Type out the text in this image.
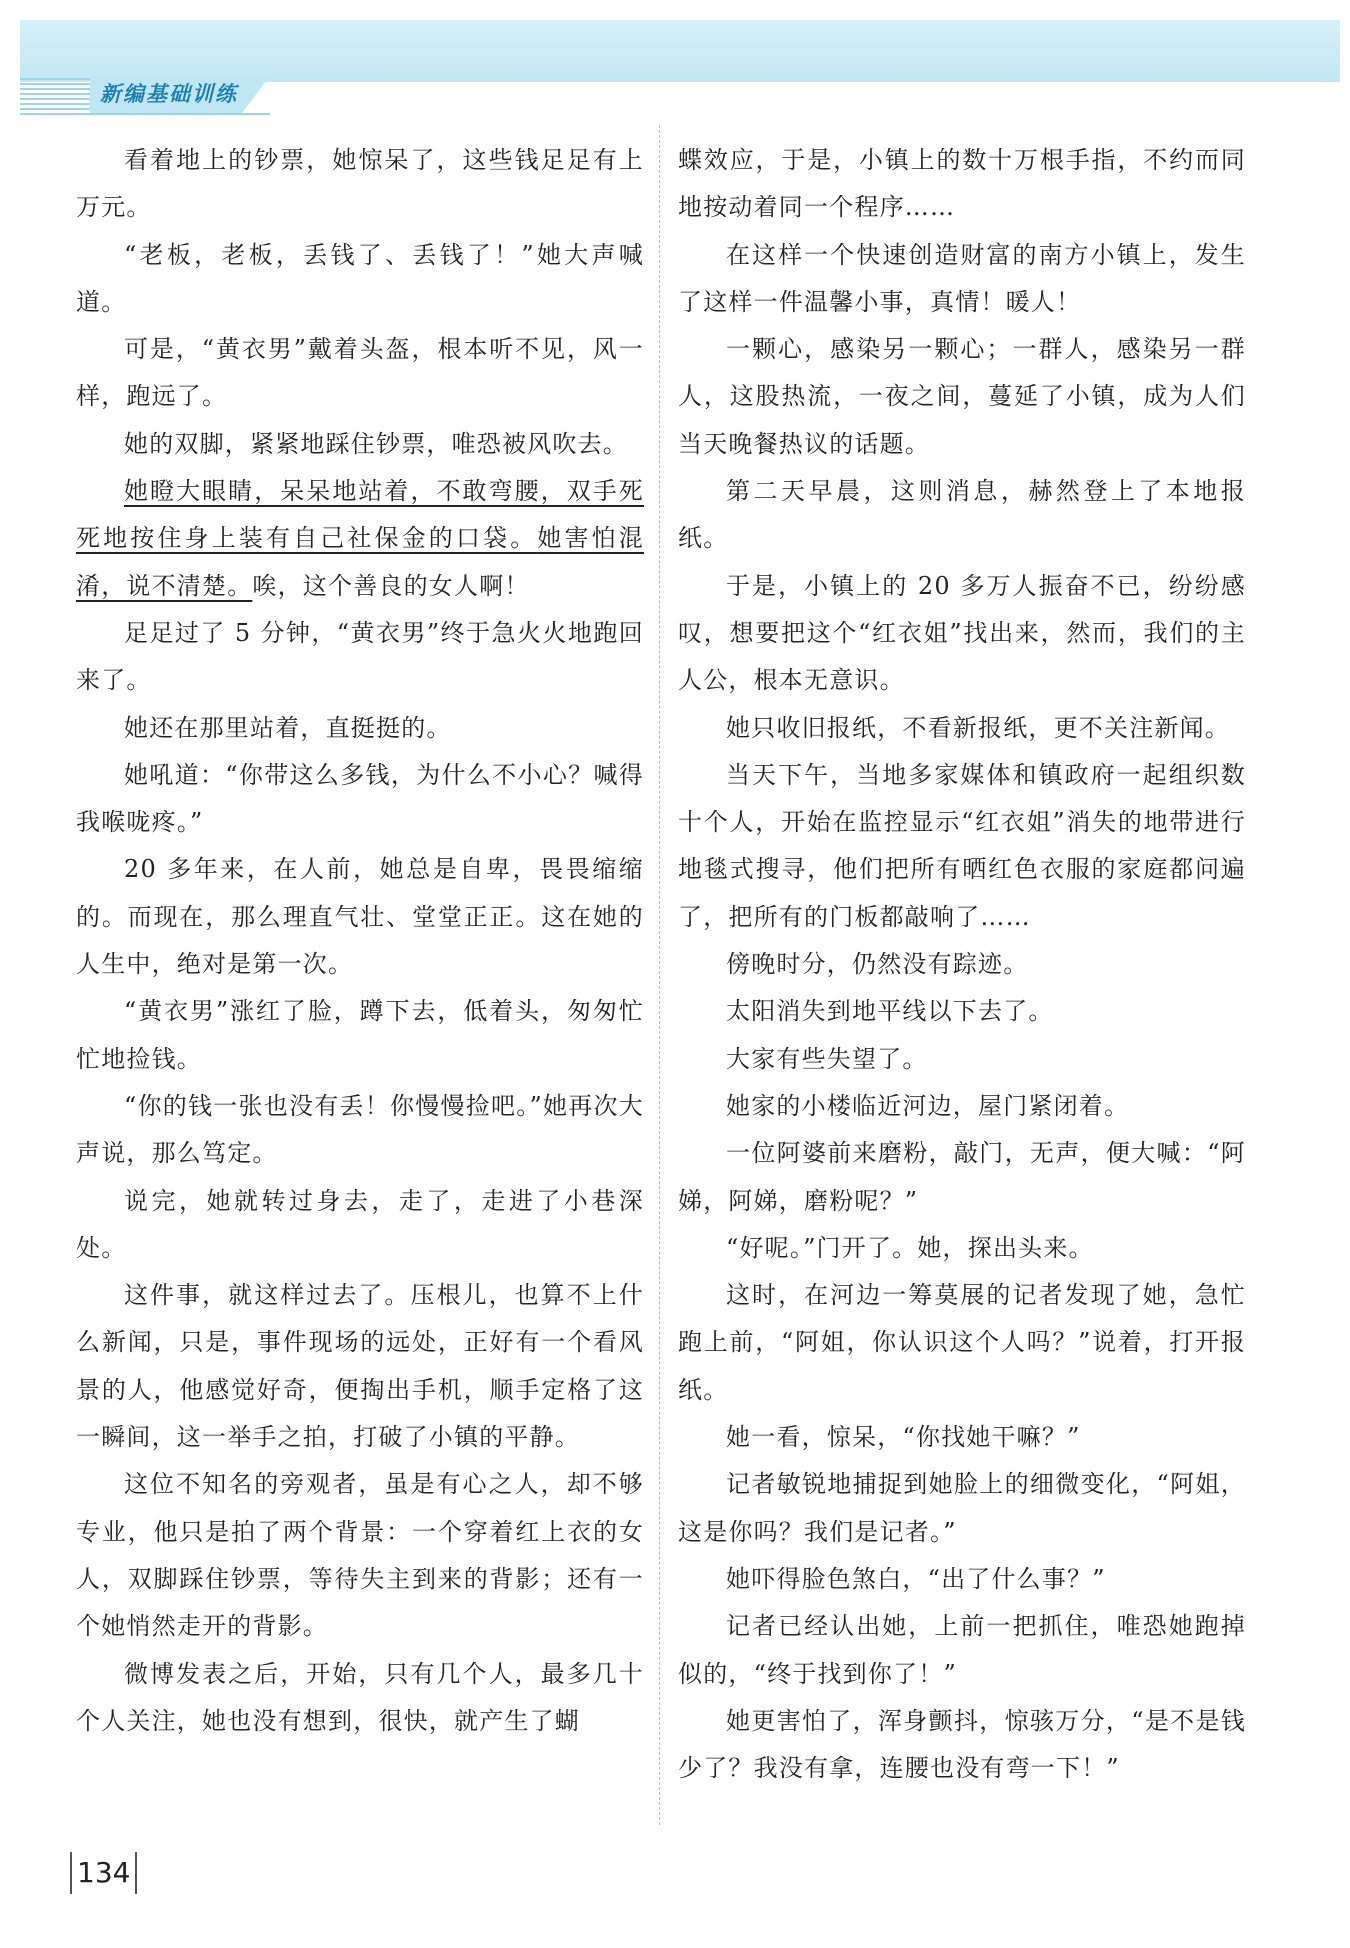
新编基础训练

看着地上的钞票，她惊呆了，这些钱足足有上万元。

“老板，老板，丢钱了、丢钱了！”她大声喊道。

可是，“黄衣男”戴着头盔，根本听不见，风一样，跑远了。

她的双脚，紧紧地踩住钞票，唯恐被风吹去。

她瞪大眼睛，呆呆地站着，不敢弯腰，双手死死地按住身上装有自己社保金的口袋。她害怕混淆，说不清楚。唉，这个善良的女人啊！

足足过了 5 分钟，“黄衣男”终于急火火地跑回来了。

她还在那里站着，直挺挺的。

她吼道：“你带这么多钱，为什么不小心？喊得我喉咙疼。”

20 多年来，在人前，她总是自卑，畏畏缩缩的。而现在，那么理直气壮、堂堂正正。这在她的人生中，绝对是第一次。

“黄衣男”涨红了脸，蹲下去，低着头，匆匆忙忙地捡钱。

“你的钱一张也没有丢！你慢慢捡吧。”她再次大声说，那么笃定。

说完，她就转过身去，走了，走进了小巷深处。

这件事，就这样过去了。压根儿，也算不上什么新闻，只是，事件现场的远处，正好有一个看风景的人，他感觉好奇，便掏出手机，顺手定格了这一瞬间，这一举手之拍，打破了小镇的平静。

这位不知名的旁观者，虽是有心之人，却不够专业，他只是拍了两个背景：一个穿着红上衣的女人，双脚踩住钞票，等待失主到来的背影；还有一个她悄然走开的背影。

微博发表之后，开始，只有几个人，最多几十个人关注，她也没有想到，很快，就产生了蝴

蝶效应，于是，小镇上的数十万根手指，不约而同地按动着同一个程序……

在这样一个快速创造财富的南方小镇上，发生了这样一件温馨小事，真情！暖人！

一颗心，感染另一颗心；一群人，感染另一群人，这股热流，一夜之间，蔓延了小镇，成为人们当天晚餐热议的话题。

第二天早晨，这则消息，赫然登上了本地报纸。

于是，小镇上的 20 多万人振奋不已，纷纷感叹，想要把这个“红衣姐”找出来，然而，我们的主人公，根本无意识。

她只收旧报纸，不看新报纸，更不关注新闻。

当天下午，当地多家媒体和镇政府一起组织数十个人，开始在监控显示“红衣姐”消失的地带进行地毯式搜寻，他们把所有晒红色衣服的家庭都问遍了，把所有的门板都敲响了……

傍晚时分，仍然没有踪迹。

太阳消失到地平线以下去了。

大家有些失望了。

她家的小楼临近河边，屋门紧闭着。

一位阿婆前来磨粉，敲门，无声，便大喊：“阿娣，阿娣，磨粉呢？”

“好呢。”门开了。她，探出头来。

这时，在河边一筹莫展的记者发现了她，急忙跑上前，“阿姐，你认识这个人吗？”说着，打开报纸。

她一看，惊呆，“你找她干嘛？”

记者敏锐地捕捉到她脸上的细微变化，“阿姐，这是你吗？我们是记者。”

她吓得脸色煞白，“出了什么事？”

记者已经认出她，上前一把抓住，唯恐她跑掉似的，“终于找到你了！”

她更害怕了，浑身颤抖，惊骇万分，“是不是钱少了？我没有拿，连腰也没有弯一下！”

134
